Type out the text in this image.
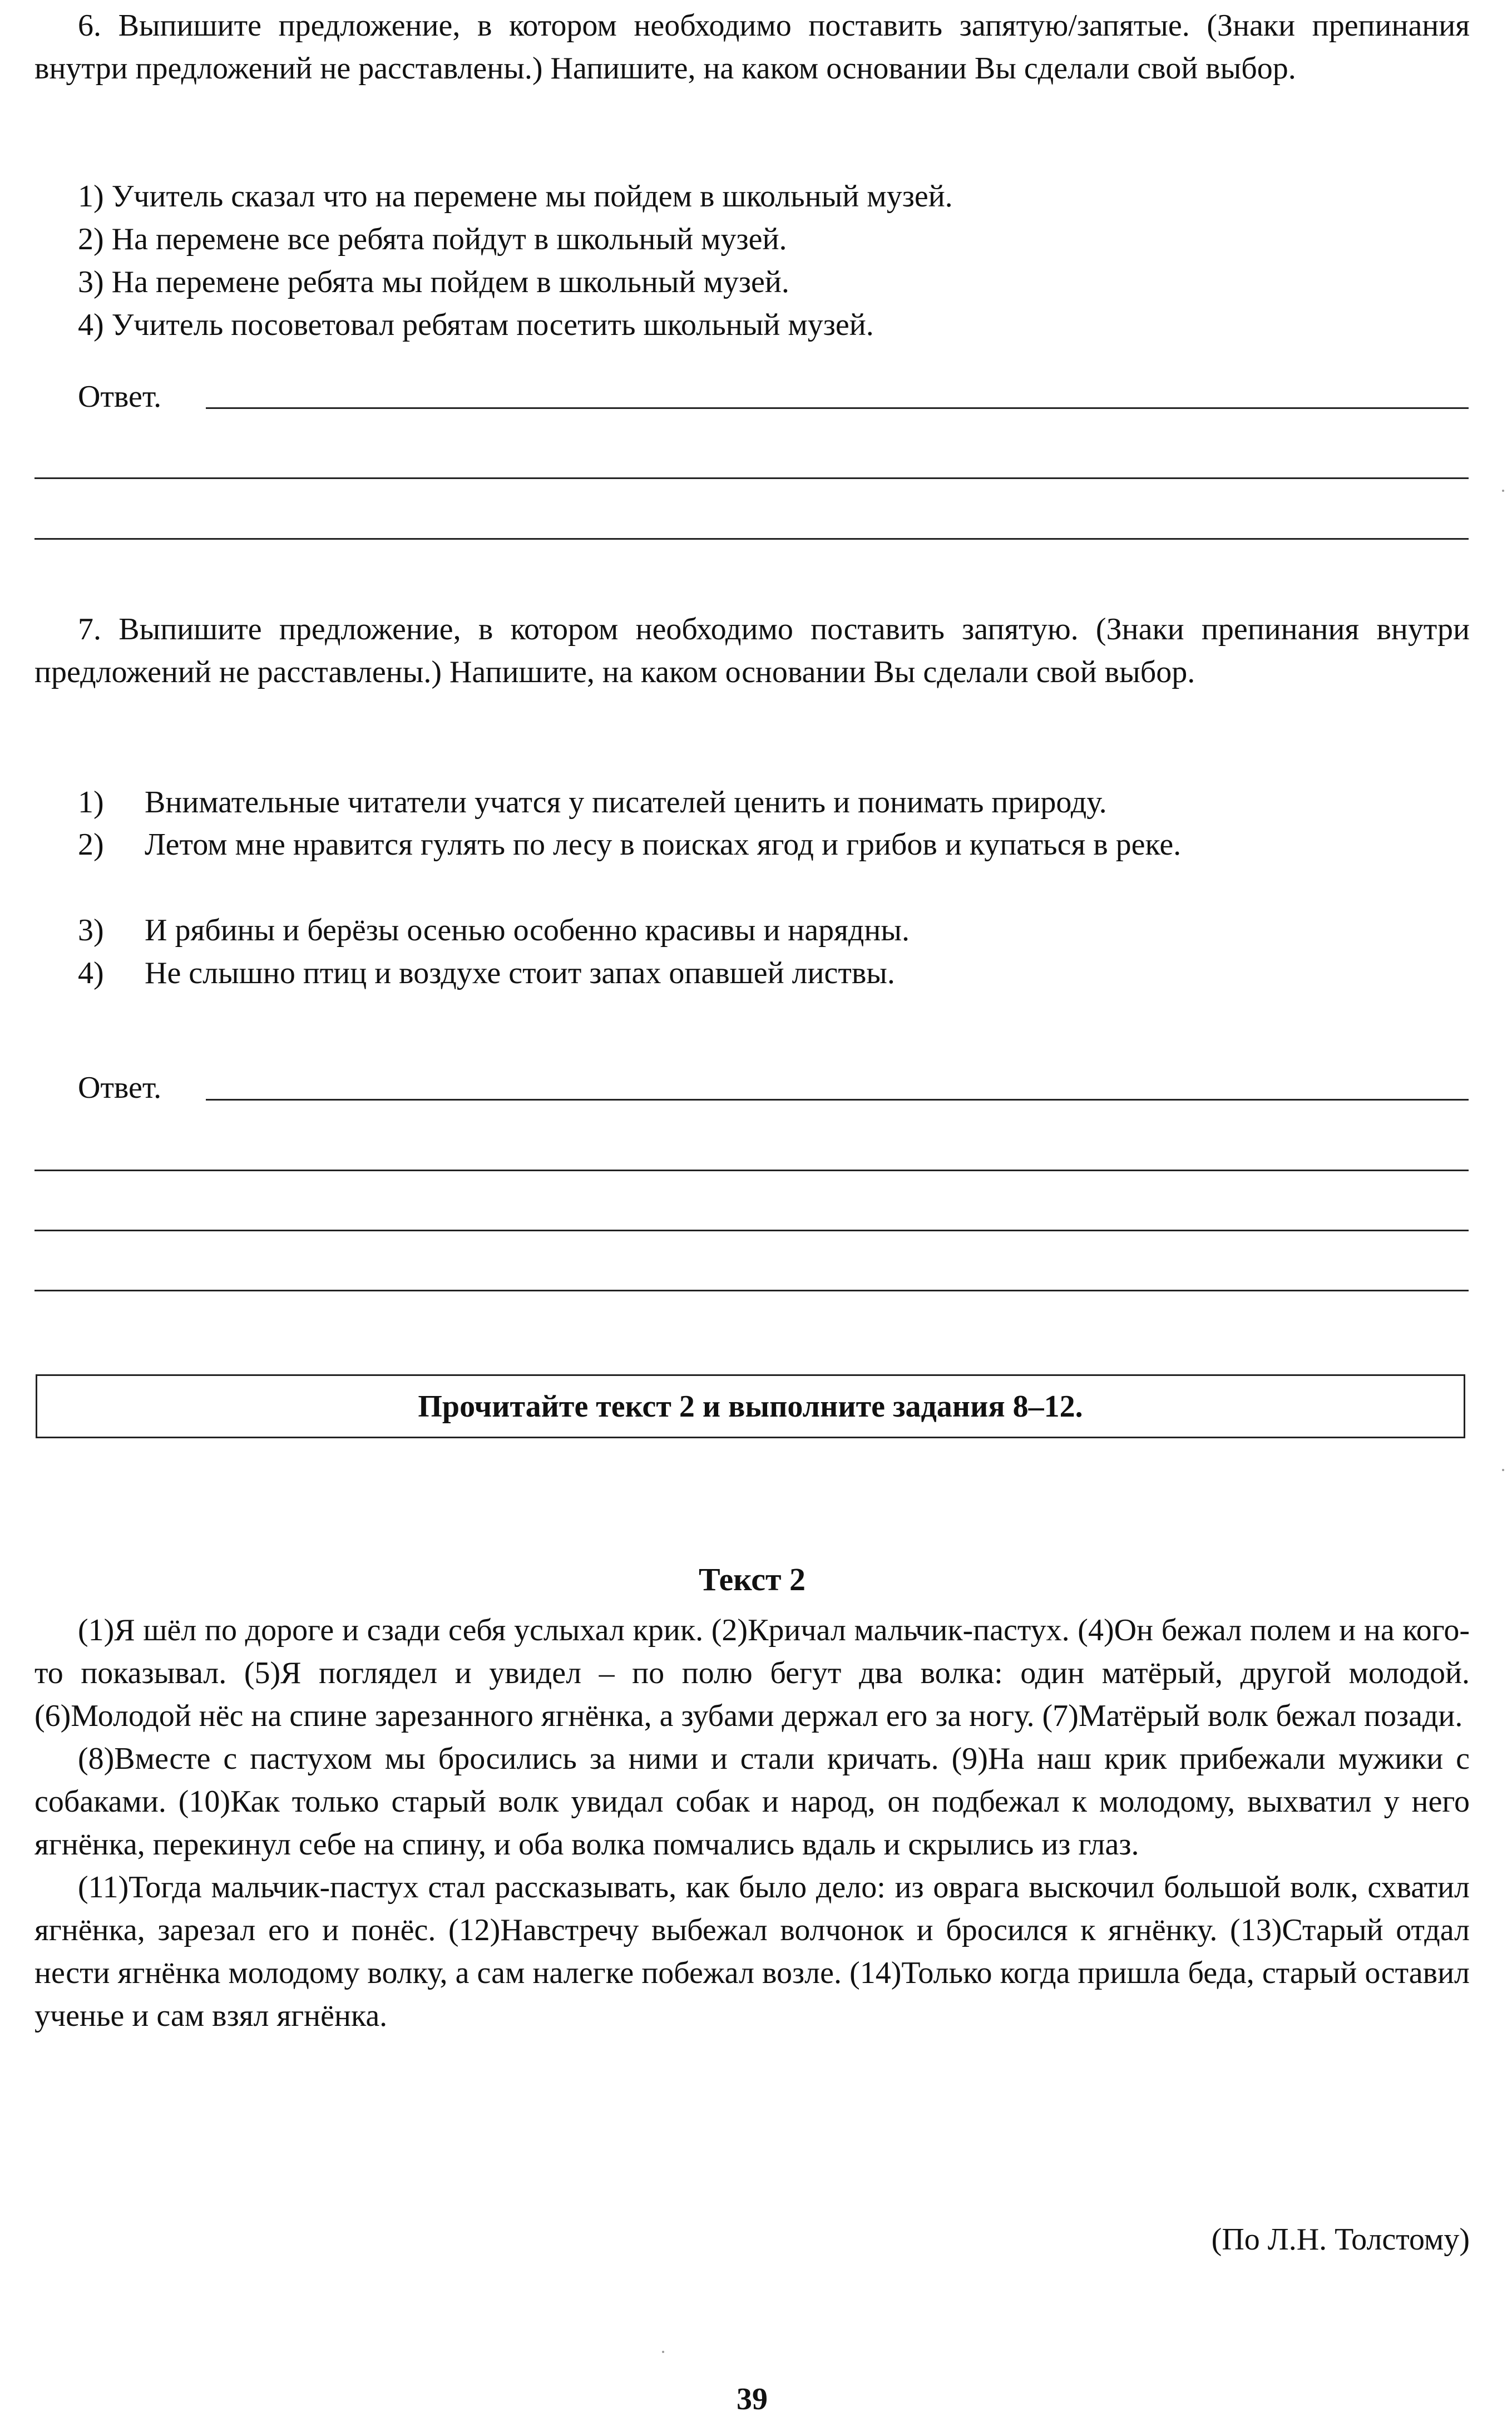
6. Выпишите предложение, в котором необходимо поставить запятую/запятые. (Знаки препинания внутри предложений не расставлены.) Напишите, на каком основании Вы сделали свой выбор.

1) Учитель сказал что на перемене мы пойдем в школьный музей.
2) На перемене все ребята пойдут в школьный музей.
3) На перемене ребята мы пойдем в школьный музей.
4) Учитель посоветовал ребятам посетить школьный музей.
Ответ.

7. Выпишите предложение, в котором необходимо поставить запятую. (Знаки препинания внутри предложений не расставлены.) Напишите, на каком основании Вы сделали свой выбор.

1) Внимательные читатели учатся у писателей ценить и понимать природу.
2) Летом мне нравится гулять по лесу в поисках ягод и грибов и купаться в реке.
3) И рябины и берёзы осенью особенно красивы и нарядны.
4) Не слышно птиц и воздухе стоит запах опавшей листвы.
Ответ.
Прочитайте текст 2 и выполните задания 8–12.
Текст 2

(1)Я шёл по дороге и сзади себя услыхал крик. (2)Кричал мальчик-пастух. (4)Он бежал полем и на кого-то показывал. (5)Я поглядел и увидел – по полю бегут два волка: один матёрый, другой молодой. (6)Молодой нёс на спине зарезанного ягнёнка, а зубами держал его за ногу. (7)Матёрый волк бежал позади.

(8)Вместе с пастухом мы бросились за ними и стали кричать. (9)На наш крик прибежали мужики с собаками. (10)Как только старый волк увидал собак и народ, он подбежал к молодому, выхватил у него ягнёнка, перекинул себе на спину, и оба волка помчались вдаль и скрылись из глаз.

(11)Тогда мальчик-пастух стал рассказывать, как было дело: из оврага выскочил большой волк, схватил ягнёнка, зарезал его и понёс. (12)Навстречу выбежал волчонок и бросился к ягнёнку. (13)Старый отдал нести ягнёнка молодому волку, а сам налегке побежал возле. (14)Только когда пришла беда, старый оставил ученье и сам взял ягнёнка.

(По Л.Н. Толстому)
39
